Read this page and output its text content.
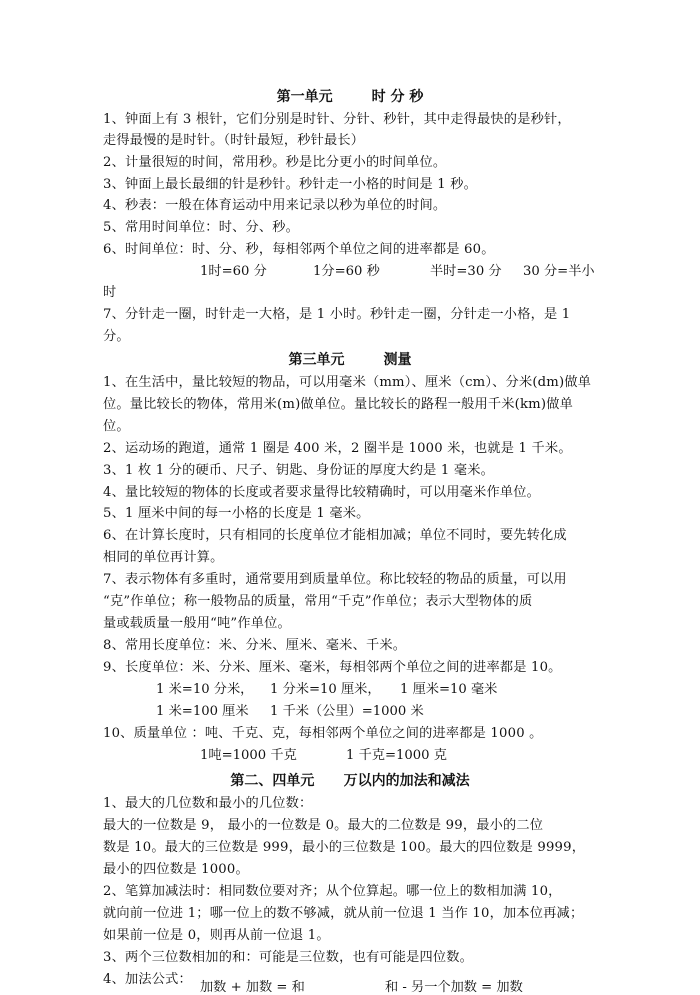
第一单元        时 分 秒
1、钟面上有 3 根针，它们分别是时针、分针、秒针，其中走得最快的是秒针，
走得最慢的是时针。（时针最短，秒针最长）
2、计量很短的时间，常用秒。秒是比分更小的时间单位。
3、钟面上最长最细的针是秒针。秒针走一小格的时间是 1 秒。
4、秒表：一般在体育运动中用来记录以秒为单位的时间。
5、常用时间单位：时、分、秒。
6、时间单位：时、分、秒，每相邻两个单位之间的进率都是 60。
1时=60 分	1分=60 秒	半时=30 分 30 分=半小
时
7、分针走一圈，时针走一大格，是 1 小时。秒针走一圈，分针走一小格，是 1
分。
第三单元        测量
1、在生活中，量比较短的物品，可以用毫米（mm）、厘米（cm）、分米(dm)做单
位。量比较长的物体，常用米(m)做单位。量比较长的路程一般用千米(km)做单
位。
2、运动场的跑道，通常 1 圈是 400 米，2 圈半是 1000 米，也就是 1 千米。
3、1 枚 1 分的硬币、尺子、钥匙、身份证的厚度大约是 1 毫米。
4、量比较短的物体的长度或者要求量得比较精确时，可以用毫米作单位。
5、1 厘米中间的每一小格的长度是 1 毫米。
6、在计算长度时，只有相同的长度单位才能相加减；单位不同时，要先转化成
相同的单位再计算。
7、表示物体有多重时，通常要用到质量单位。称比较轻的物品的质量，可以用
“克”作单位；称一般物品的质量，常用“千克”作单位；表示大型物体的质
量或载质量一般用“吨”作单位。
8、常用长度单位：米、分米、厘米、毫米、千米。
9、长度单位：米、分米、厘米、毫米，每相邻两个单位之间的进率都是 10。
1 米=10 分米， 1 分米=10 厘米， 1 厘米=10 毫米
1 米=100 厘米 1 千米（公里）=1000 米
10、质量单位 ：吨、千克、克，每相邻两个单位之间的进率都是 1000 。
1吨=1000 千克	1 千克=1000 克
第二、四单元      万以内的加法和减法
1、最大的几位数和最小的几位数：
最大的一位数是 9， 最小的一位数是 0。最大的二位数是 99，最小的二位
数是 10。最大的三位数是 999，最小的三位数是 100。最大的四位数是 9999，
最小的四位数是 1000。
2、笔算加减法时：相同数位要对齐；从个位算起。哪一位上的数相加满 10，
就向前一位进 1；哪一位上的数不够减，就从前一位退 1 当作 10，加本位再减；
如果前一位是 0，则再从前一位退 1。
3、两个三位数相加的和：可能是三位数，也有可能是四位数。
4、加法公式：
加数 + 加数 = 和	和 - 另一个加数 = 加数
